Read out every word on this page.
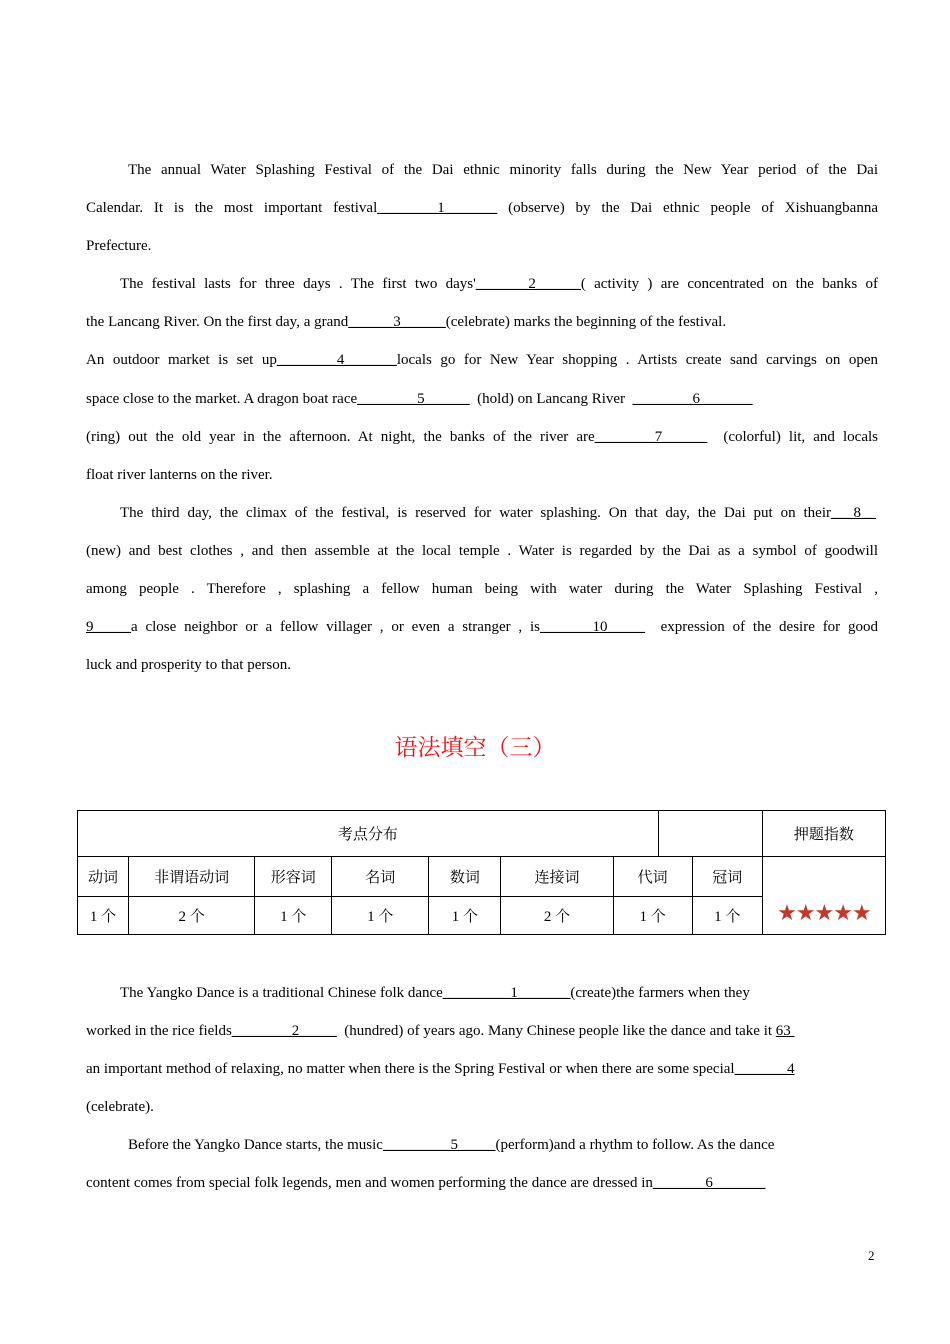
The annual Water Splashing Festival of the Dai ethnic minority falls during the New Year period of the Dai
Calendar. It is the most important festival________1_______ (observe) by the Dai ethnic people of Xishuangbanna
Prefecture.
The festival lasts for three days . The first two days'_______2______( activity ) are concentrated on the banks of
the Lancang River. On the first day, a grand______3______(celebrate) marks the beginning of the festival.
An outdoor market is set up________4_______locals go for New Year shopping . Artists create sand carvings on open
space close to the market. A dragon boat race________5______  (hold) on Lancang River  ________6_______
(ring) out the old year in the afternoon. At night, the banks of the river are________7______  (colorful) lit, and locals
float river lanterns on the river.
The third day, the climax of the festival, is reserved for water splashing. On that day, the Dai put on their___8__
(new) and best clothes , and then assemble at the local temple . Water is regarded by the Dai as a symbol of goodwill
among people . Therefore , splashing a fellow human being with water during the Water Splashing Festival ,
9_____a close neighbor or a fellow villager , or even a stranger , is_______10_____  expression of the desire for good
luck and prosperity to that person.
语法填空（三）
考点分布									押题指数
动词	非谓语动词	形容词	名词	数词	连接词	代词		冠词	★★★★★

1 个	2 个	1 个	1 个	1 个	2 个	1 个		1 个	
The Yangko Dance is a traditional Chinese folk dance_________1_______(create)the farmers when they
worked in the rice fields________2_____  (hundred) of years ago. Many Chinese people like the dance and take it 63
an important method of relaxing, no matter when there is the Spring Festival or when there are some special_______4
(celebrate).
Before the Yangko Dance starts, the music_________5_____(perform)and a rhythm to follow. As the dance
content comes from special folk legends, men and women performing the dance are dressed in_______6_______
2
